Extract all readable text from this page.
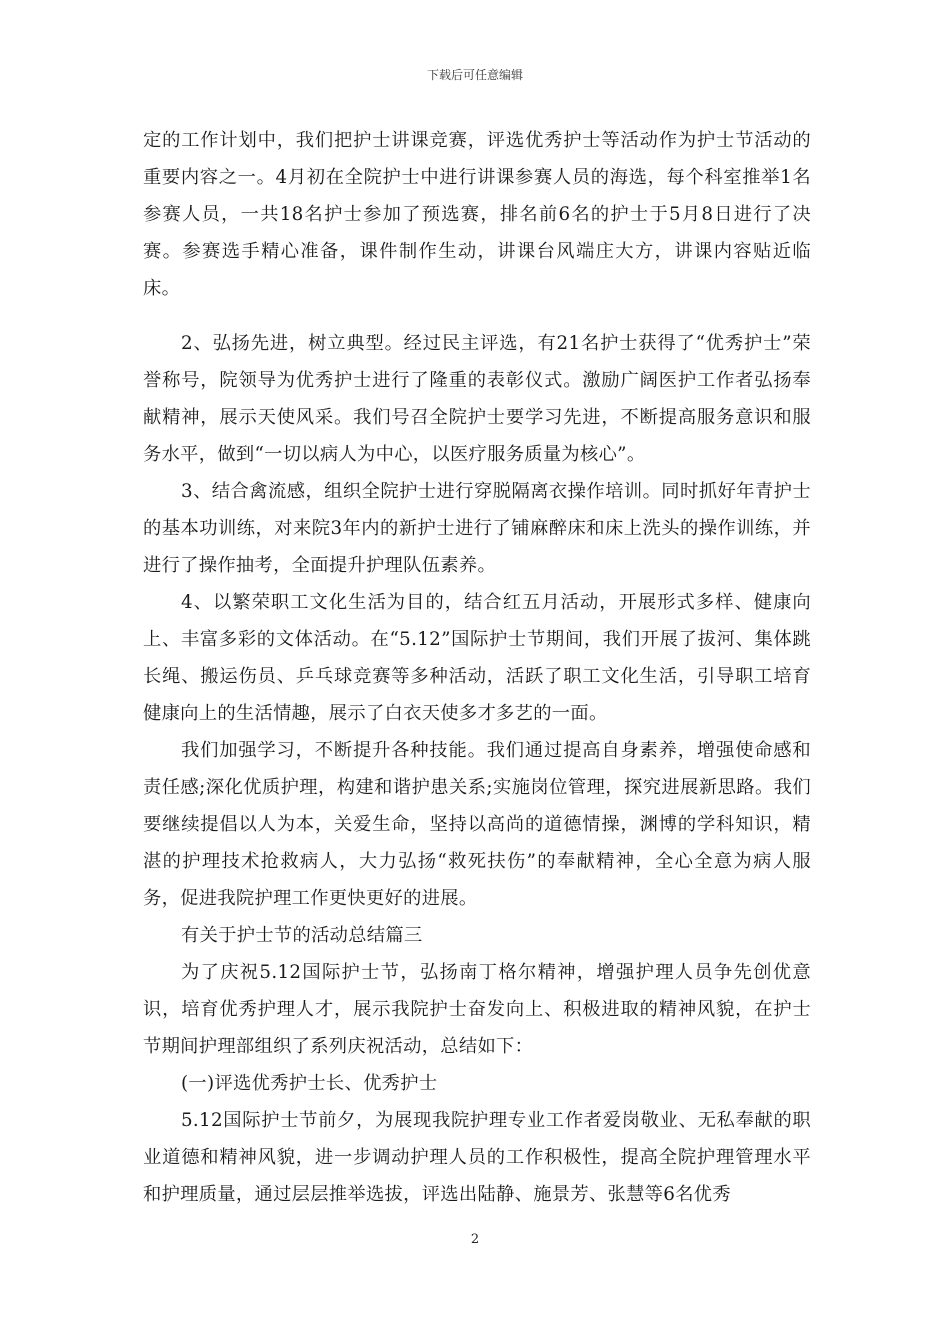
下载后可任意编辑

定的工作计划中，我们把护士讲课竞赛，评选优秀护士等活动作为护士节活动的重要内容之一。4月初在全院护士中进行讲课参赛人员的海选，每个科室推举1名参赛人员，一共18名护士参加了预选赛，排名前6名的护士于5月8日进行了决赛。参赛选手精心准备，课件制作生动，讲课台风端庄大方，讲课内容贴近临床。

2、弘扬先进，树立典型。经过民主评选，有21名护士获得了“优秀护士”荣誉称号，院领导为优秀护士进行了隆重的表彰仪式。激励广阔医护工作者弘扬奉献精神，展示天使风采。我们号召全院护士要学习先进，不断提高服务意识和服务水平，做到“一切以病人为中心，以医疗服务质量为核心”。

3、结合禽流感，组织全院护士进行穿脱隔离衣操作培训。同时抓好年青护士的基本功训练，对来院3年内的新护士进行了铺麻醉床和床上洗头的操作训练，并进行了操作抽考，全面提升护理队伍素养。

4、以繁荣职工文化生活为目的，结合红五月活动，开展形式多样、健康向上、丰富多彩的文体活动。在“5.12”国际护士节期间，我们开展了拔河、集体跳长绳、搬运伤员、乒乓球竞赛等多种活动，活跃了职工文化生活，引导职工培育健康向上的生活情趣，展示了白衣天使多才多艺的一面。

我们加强学习，不断提升各种技能。我们通过提高自身素养，增强使命感和责任感;深化优质护理，构建和谐护患关系;实施岗位管理，探究进展新思路。我们要继续提倡以人为本，关爱生命，坚持以高尚的道德情操，渊博的学科知识，精湛的护理技术抢救病人，大力弘扬“救死扶伤”的奉献精神，全心全意为病人服务，促进我院护理工作更快更好的进展。

有关于护士节的活动总结篇三

为了庆祝5.12国际护士节，弘扬南丁格尔精神，增强护理人员争先创优意识，培育优秀护理人才，展示我院护士奋发向上、积极进取的精神风貌，在护士节期间护理部组织了系列庆祝活动，总结如下：

(一)评选优秀护士长、优秀护士

5.12国际护士节前夕，为展现我院护理专业工作者爱岗敬业、无私奉献的职业道德和精神风貌，进一步调动护理人员的工作积极性，提高全院护理管理水平和护理质量，通过层层推举选拔，评选出陆静、施景芳、张慧等6名优秀

2
